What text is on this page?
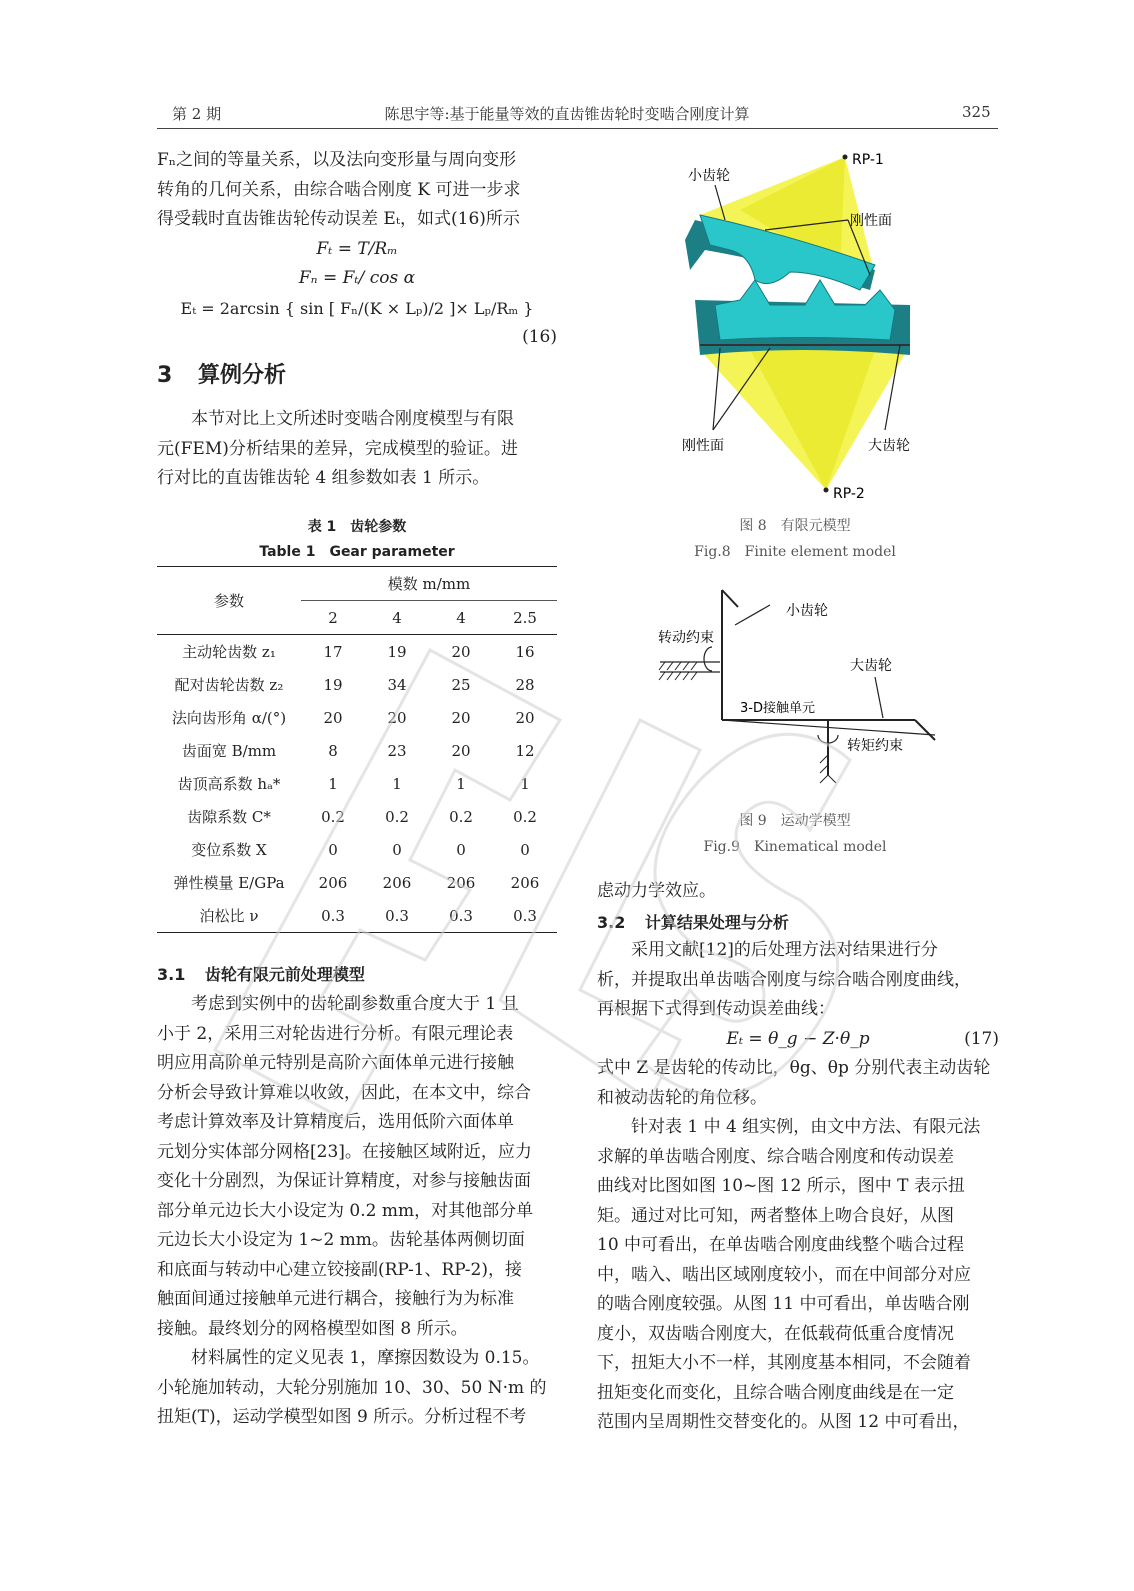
第 2 期	陈思宇等:基于能量等效的直齿锥齿轮时变啮合刚度计算	325

Fₙ之间的等量关系，以及法向变形量与周向变形

转角的几何关系，由综合啮合刚度 K 可进一步求

得受载时直齿锥齿轮传动误差 Eₜ，如式(16)所示

Fₜ = T/Rₘ

Fₙ = Fₜ/ cos α

Eₜ = 2arcsin { sin [ Fₙ/(K × Lₚ)/2 ]× Lₚ/Rₘ }

(16)

3 算例分析

本节对比上文所述时变啮合刚度模型与有限

元(FEM)分析结果的差异，完成模型的验证。进

行对比的直齿锥齿轮 4 组参数如表 1 所示。

表 1　齿轮参数
Table 1　Gear parameter
参数	模数 m/mm			
	2	4	4	2.5
主动轮齿数 z₁	17	19	20	16
配对齿轮齿数 z₂	19	34	25	28
法向齿形角 α/(°)	20	20	20	20
齿面宽 B/mm	8	23	20	12
齿顶高系数 hₐ*	1	1	1	1
齿隙系数 C*	0.2	0.2	0.2	0.2
变位系数 X	0	0	0	0
弹性模量 E/GPa	206	206	206	206
泊松比 ν	0.3	0.3	0.3	0.3
3.1 齿轮有限元前处理模型

考虑到实例中的齿轮副参数重合度大于 1 且

小于 2，采用三对轮齿进行分析。有限元理论表

明应用高阶单元特别是高阶六面体单元进行接触

分析会导致计算难以收敛，因此，在本文中，综合

考虑计算效率及计算精度后，选用低阶六面体单

元划分实体部分网格[23]。在接触区域附近，应力

变化十分剧烈，为保证计算精度，对参与接触齿面

部分单元边长大小设定为 0.2 mm，对其他部分单

元边长大小设定为 1~2 mm。齿轮基体两侧切面

和底面与转动中心建立铰接副(RP-1、RP-2)，接

触面间通过接触单元进行耦合，接触行为为标准

接触。最终划分的网格模型如图 8 所示。

材料属性的定义见表 1，摩擦因数设为 0.15。

小轮施加转动，大轮分别施加 10、30、50 N·m 的

扭矩(T)，运动学模型如图 9 所示。分析过程不考

RP-1
小齿轮
刚性面
刚性面	大齿轮
RP-2
图 8　有限元模型
Fig.8　Finite element model
小齿轮
转动约束
大齿轮
3-D接触单元
转矩约束
图 9　运动学模型
Fig.9　Kinematical model

虑动力学效应。

3.2 计算结果处理与分析

采用文献[12]的后处理方法对结果进行分

析，并提取出单齿啮合刚度与综合啮合刚度曲线，

再根据下式得到传动误差曲线：

Eₜ = θ_g − Z·θ_p	(17)

式中 Z 是齿轮的传动比，θg、θp 分别代表主动齿轮

和被动齿轮的角位移。

针对表 1 中 4 组实例，由文中方法、有限元法

求解的单齿啮合刚度、综合啮合刚度和传动误差

曲线对比图如图 10~图 12 所示，图中 T 表示扭

矩。通过对比可知，两者整体上吻合良好，从图

10 中可看出，在单齿啮合刚度曲线整个啮合过程

中，啮入、啮出区域刚度较小，而在中间部分对应

的啮合刚度较强。从图 11 中可看出，单齿啮合刚

度小，双齿啮合刚度大，在低载荷低重合度情况

下，扭矩大小不一样，其刚度基本相同，不会随着

扭矩变化而变化，且综合啮合刚度曲线是在一定

范围内呈周期性交替变化的。从图 12 中可看出，
